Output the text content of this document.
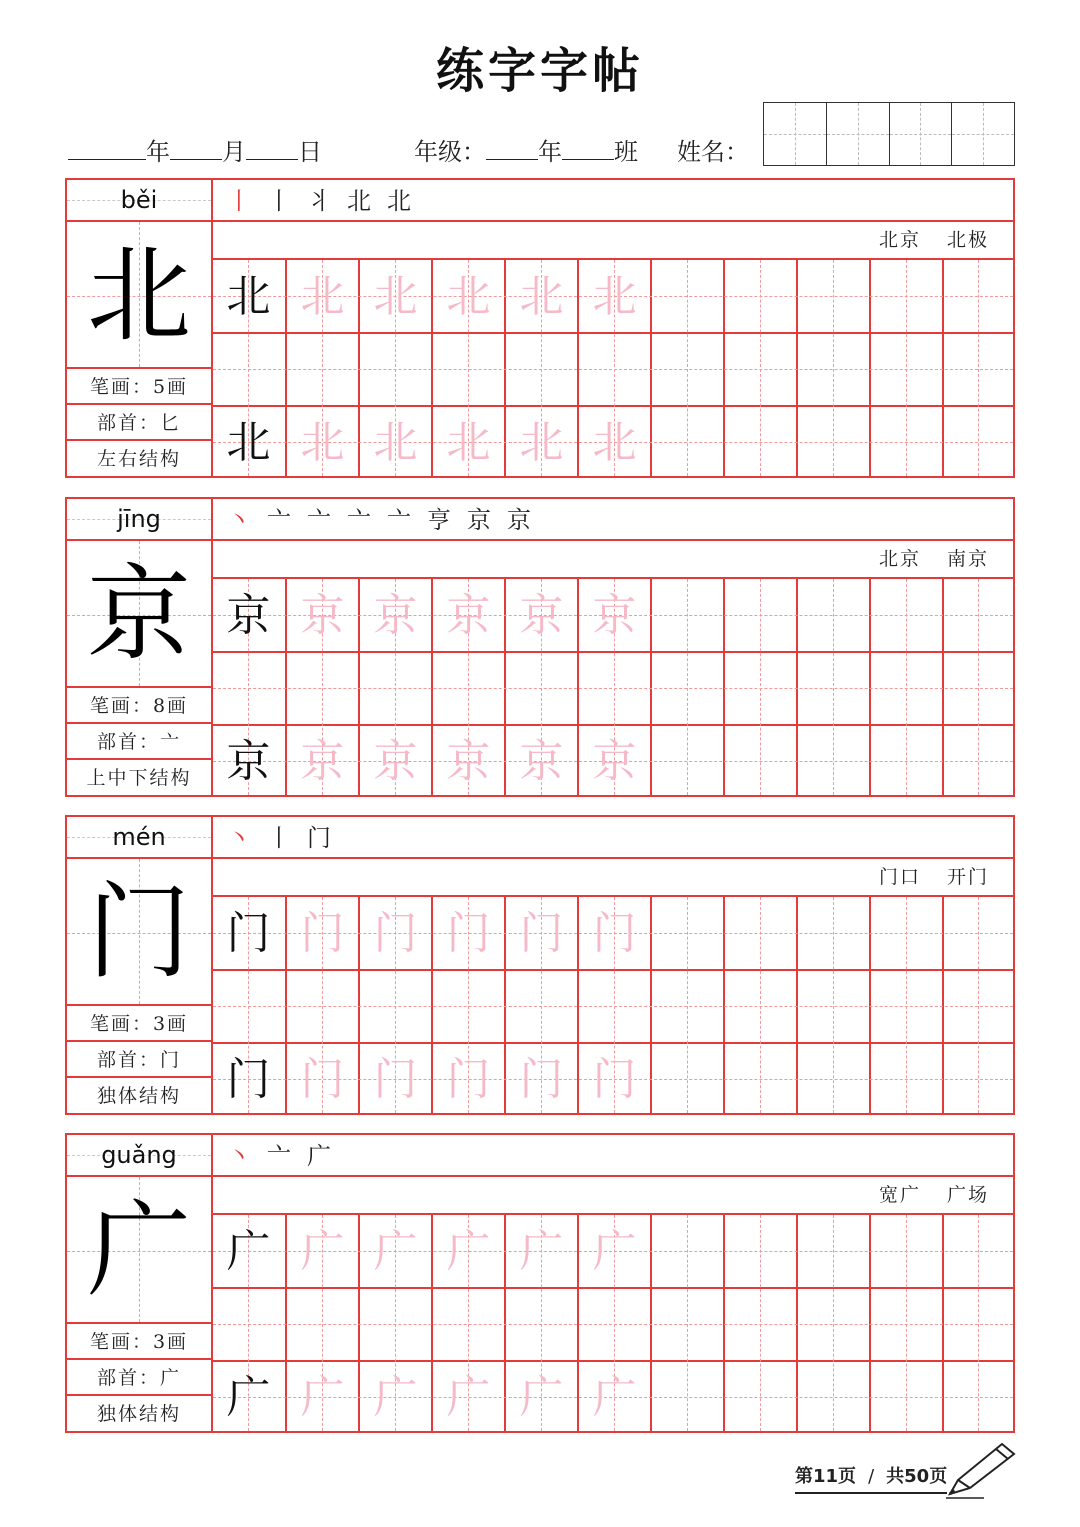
练字字帖
年 月 日	年级： 年 班 姓名：
běi
北
笔画：5画
部首：匕
左右结构
丨 丨 丬 北 北
北京 北极
北 北 北 北 北 北
北 北 北 北 北 北
jīng
京
笔画：8画
部首：亠
上中下结构
丶 亠 亠 亠 亠 亨 京 京
北京 南京
京 京 京 京 京 京
京 京 京 京 京 京
mén
门
笔画：3画
部首：门
独体结构
丶 丨 门
门口 开门
门 门 门 门 门 门
门 门 门 门 门 门
guǎng
广
笔画：3画
部首：广
独体结构
丶 亠 广
宽广 广场
广 广 广 广 广 广
广 广 广 广 广 广
第11页 / 共50页
